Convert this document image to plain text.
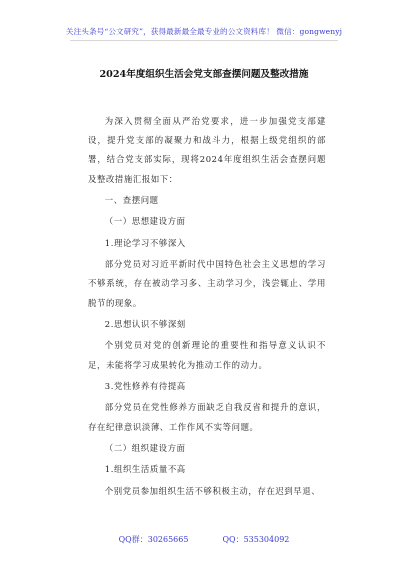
关注头条号“公文研究”，获得最新最全最专业的公文资料库！ 微信：gongwenyj
2024年度组织生活会党支部查摆问题及整改措施

为深入贯彻全面从严治党要求，进一步加强党支部建设，提升党支部的凝聚力和战斗力，根据上级党组织的部署，结合党支部实际，现将2024年度组织生活会查摆问题及整改措施汇报如下：

一、查摆问题

（一）思想建设方面

1.理论学习不够深入

部分党员对习近平新时代中国特色社会主义思想的学习不够系统，存在被动学习多、主动学习少，浅尝辄止、学用脱节的现象。

2.思想认识不够深刻

个别党员对党的创新理论的重要性和指导意义认识不足，未能将学习成果转化为推动工作的动力。

3.党性修养有待提高

部分党员在党性修养方面缺乏自我反省和提升的意识，存在纪律意识淡薄、工作作风不实等问题。

（二）组织建设方面

1.组织生活质量不高

个别党员参加组织生活不够积极主动，存在迟到早退、

QQ群：30265665	QQ：535304092
